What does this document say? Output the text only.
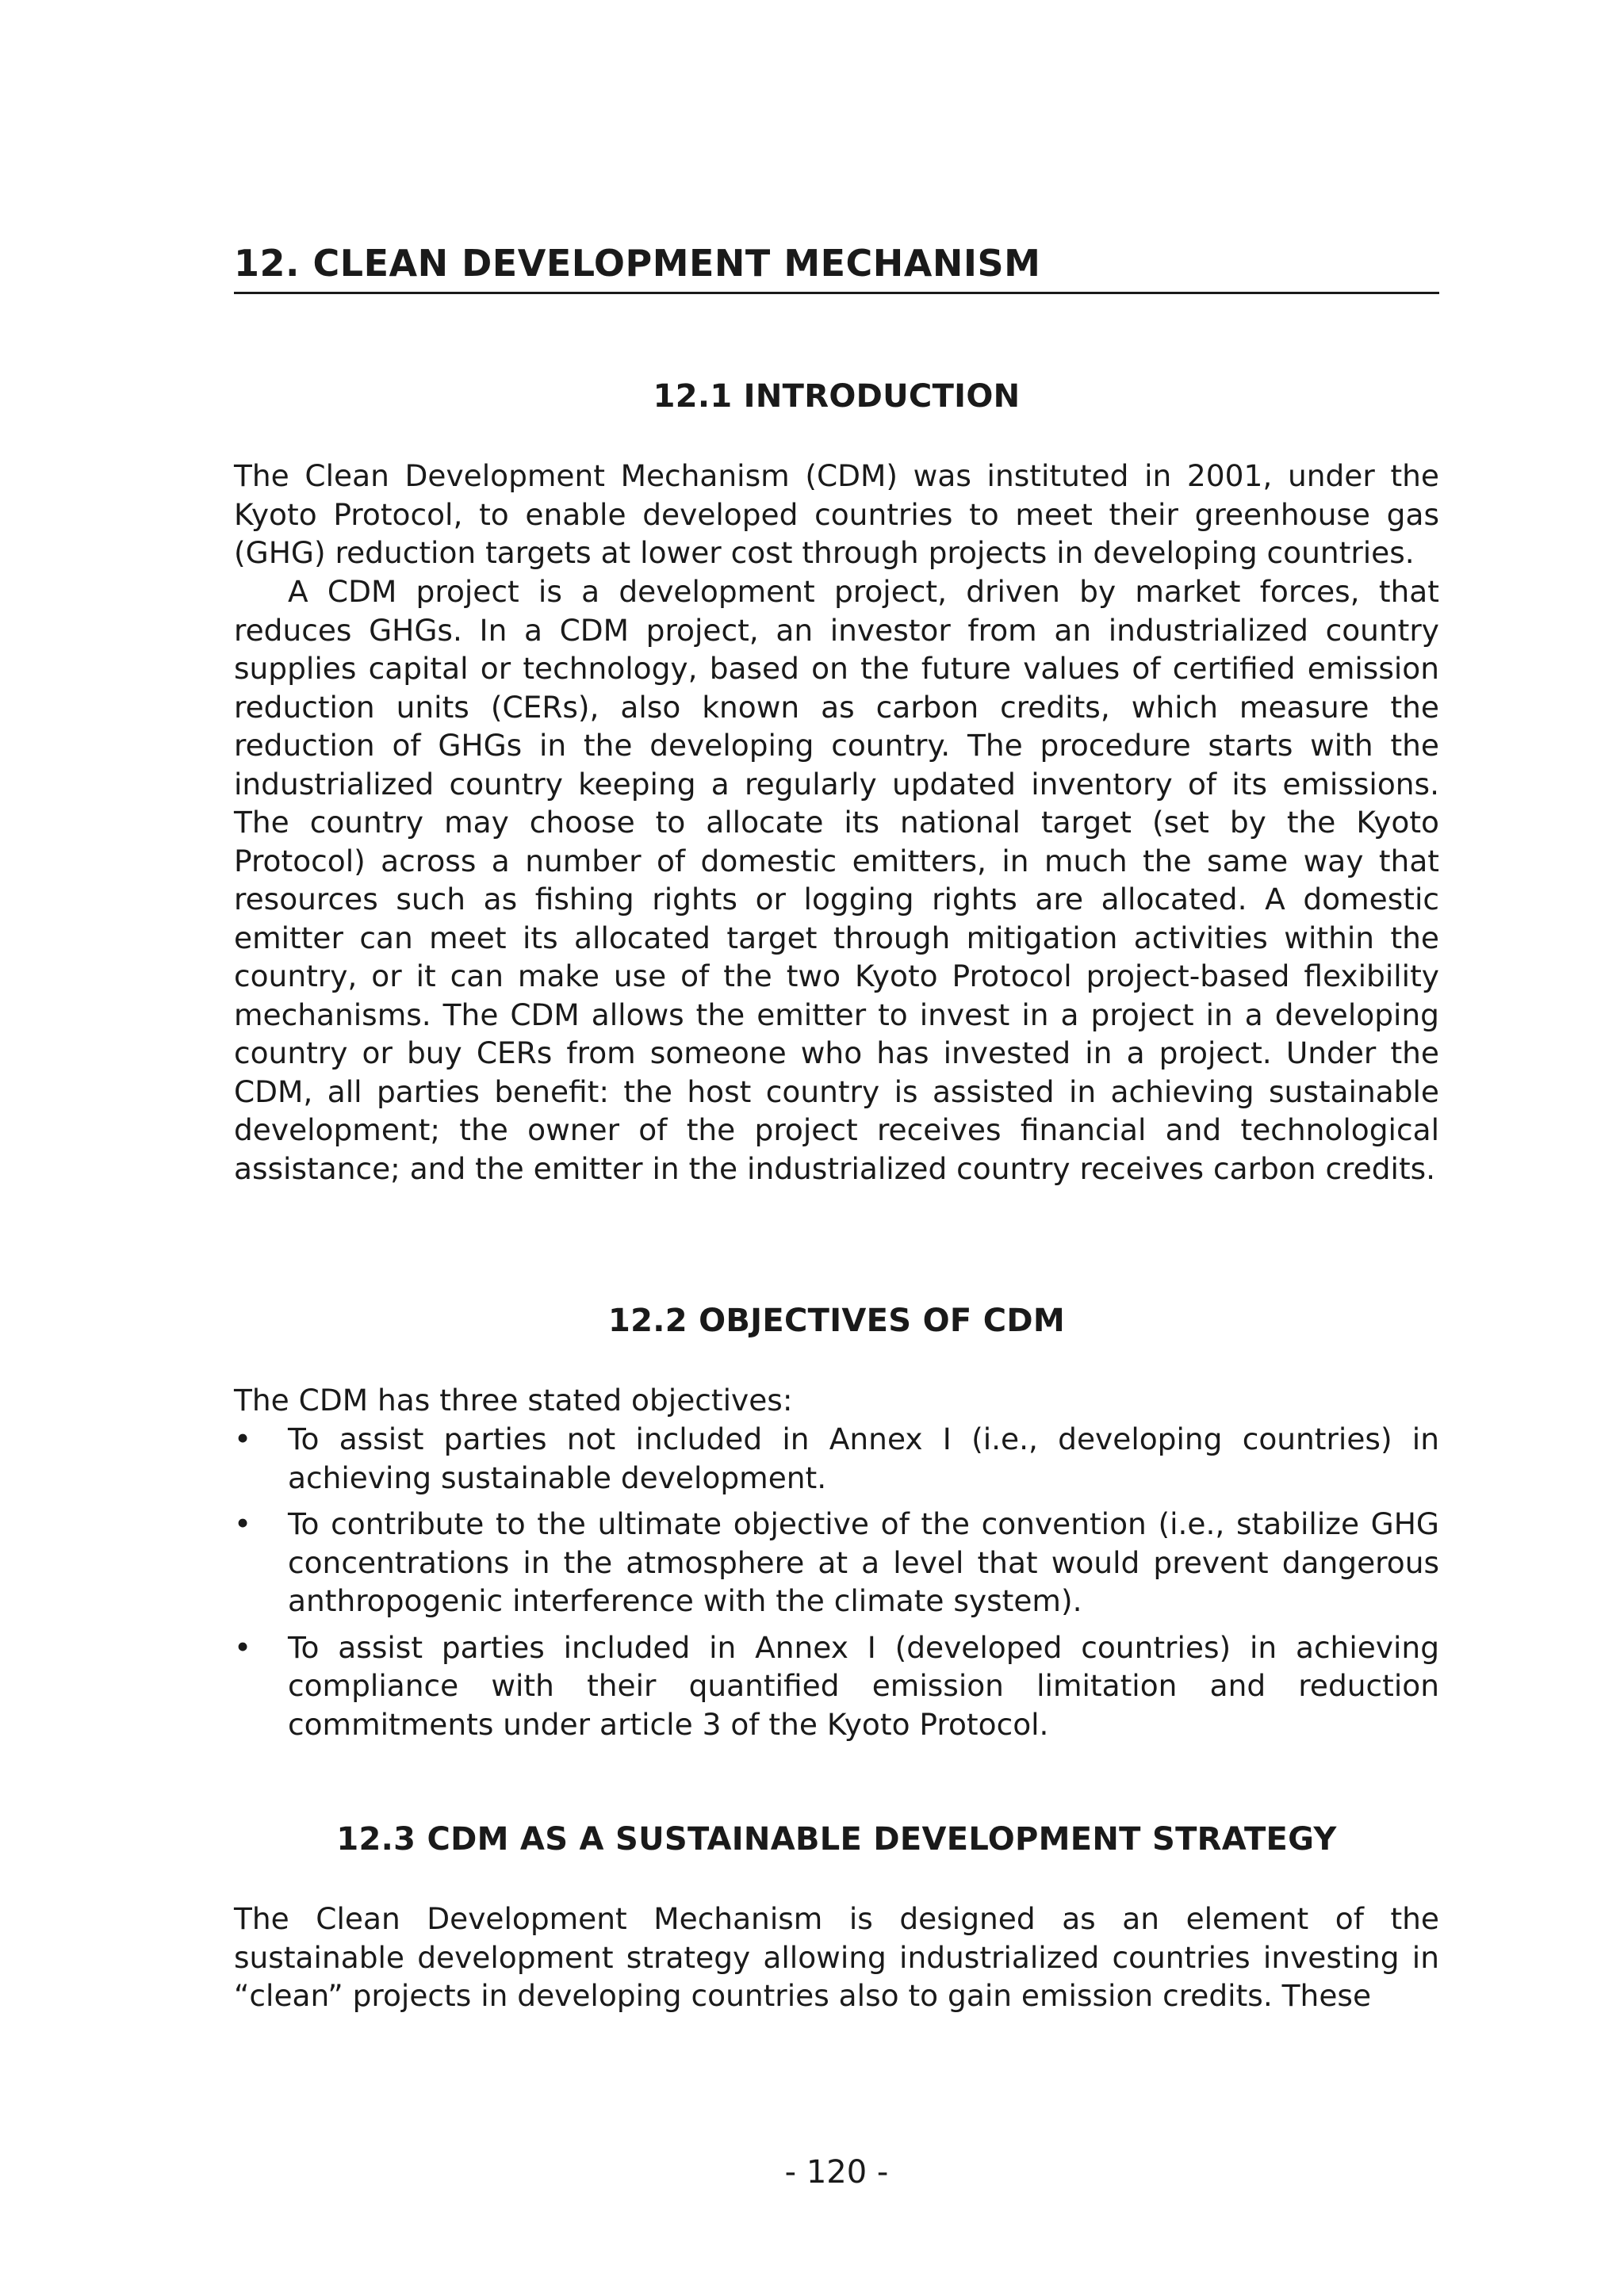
12. CLEAN DEVELOPMENT MECHANISM
12.1 INTRODUCTION

The Clean Development Mechanism (CDM) was instituted in 2001, under the Kyoto Protocol, to enable developed countries to meet their greenhouse gas (GHG) reduction targets at lower cost through projects in developing countries.

A CDM project is a development project, driven by market forces, that reduces GHGs. In a CDM project, an investor from an industrialized country supplies capital or technology, based on the future values of certified emission reduction units (CERs), also known as carbon credits, which measure the reduction of GHGs in the developing country. The procedure starts with the industrialized country keeping a regularly updated inventory of its emissions. The country may choose to allocate its national target (set by the Kyoto Protocol) across a number of domestic emitters, in much the same way that resources such as fishing rights or logging rights are allocated. A domestic emitter can meet its allocated target through mitigation activities within the country, or it can make use of the two Kyoto Protocol project-based flexibility mechanisms. The CDM allows the emitter to invest in a project in a developing country or buy CERs from someone who has invested in a project. Under the CDM, all parties benefit: the host country is assisted in achieving sustainable development; the owner of the project receives financial and technological assistance; and the emitter in the industrialized country receives carbon credits.

12.2 OBJECTIVES OF CDM

The CDM has three stated objectives:

• To assist parties not included in Annex I (i.e., developing countries) in achieving sustainable development.
• To contribute to the ultimate objective of the convention (i.e., stabilize GHG concentrations in the atmosphere at a level that would prevent dangerous anthropogenic interference with the climate system).
• To assist parties included in Annex I (developed countries) in achieving compliance with their quantified emission limitation and reduction commitments under article 3 of the Kyoto Protocol.
12.3 CDM AS A SUSTAINABLE DEVELOPMENT STRATEGY

The Clean Development Mechanism is designed as an element of the sustainable development strategy allowing industrialized countries investing in “clean” projects in developing countries also to gain emission credits. These

- 120 -
